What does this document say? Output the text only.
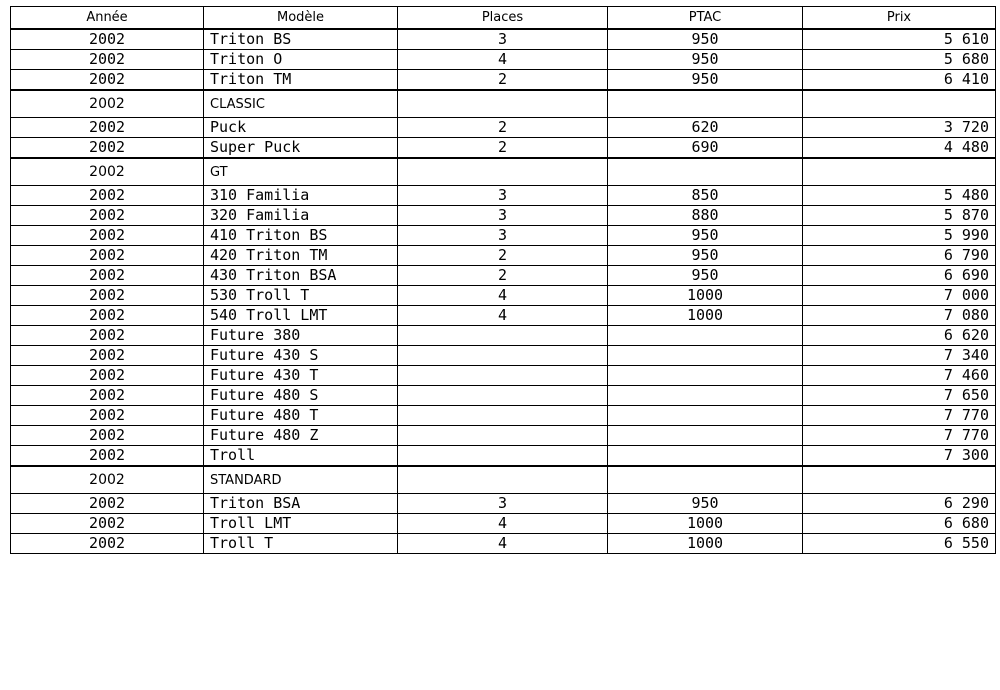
Année	Modèle	Places	PTAC	Prix
2002	Triton BS	3	950	5 610
2002	Triton O	4	950	5 680
2002	Triton TM	2	950	6 410
2002	CLASSIC			
2002	Puck	2	620	3 720
2002	Super Puck	2	690	4 480
2002	GT			
2002	310 Familia	3	850	5 480
2002	320 Familia	3	880	5 870
2002	410 Triton BS	3	950	5 990
2002	420 Triton TM	2	950	6 790
2002	430 Triton BSA	2	950	6 690
2002	530 Troll T	4	1000	7 000
2002	540 Troll LMT	4	1000	7 080
2002	Future 380			6 620
2002	Future 430 S			7 340
2002	Future 430 T			7 460
2002	Future 480 S			7 650
2002	Future 480 T			7 770
2002	Future 480 Z			7 770
2002	Troll			7 300
2002	STANDARD			
2002	Triton BSA	3	950	6 290
2002	Troll LMT	4	1000	6 680
2002	Troll T	4	1000	6 550
